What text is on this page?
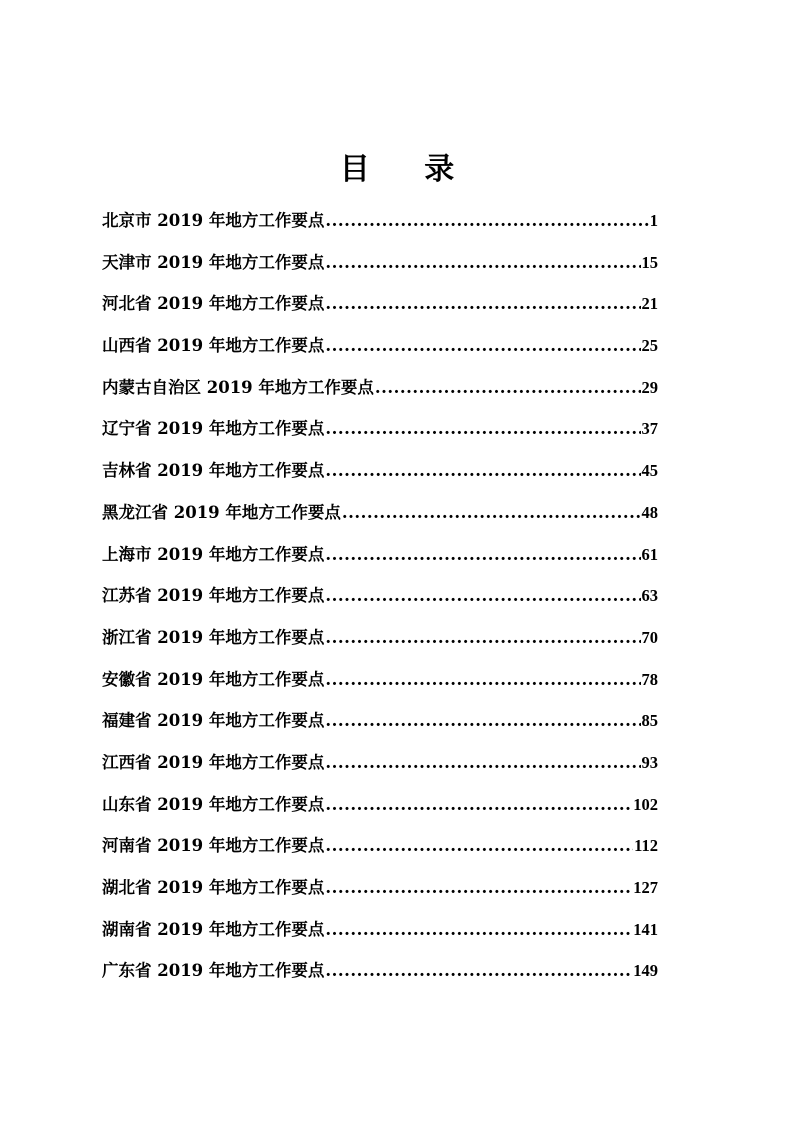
目 录
北京市 2019 年地方工作要点 .....	1
天津市 2019 年地方工作要点 .....	15
河北省 2019 年地方工作要点 .....	21
山西省 2019 年地方工作要点 .....	25
内蒙古自治区 2019 年地方工作要点 .....	29
辽宁省 2019 年地方工作要点 .....	37
吉林省 2019 年地方工作要点 .....	45
黑龙江省 2019 年地方工作要点 .....	48
上海市 2019 年地方工作要点 .....	61
江苏省 2019 年地方工作要点 .....	63
浙江省 2019 年地方工作要点 .....	70
安徽省 2019 年地方工作要点 .....	78
福建省 2019 年地方工作要点 .....	85
江西省 2019 年地方工作要点 .....	93
山东省 2019 年地方工作要点 .....	102
河南省 2019 年地方工作要点 .....	112
湖北省 2019 年地方工作要点 .....	127
湖南省 2019 年地方工作要点 .....	141
广东省 2019 年地方工作要点 .....	149
